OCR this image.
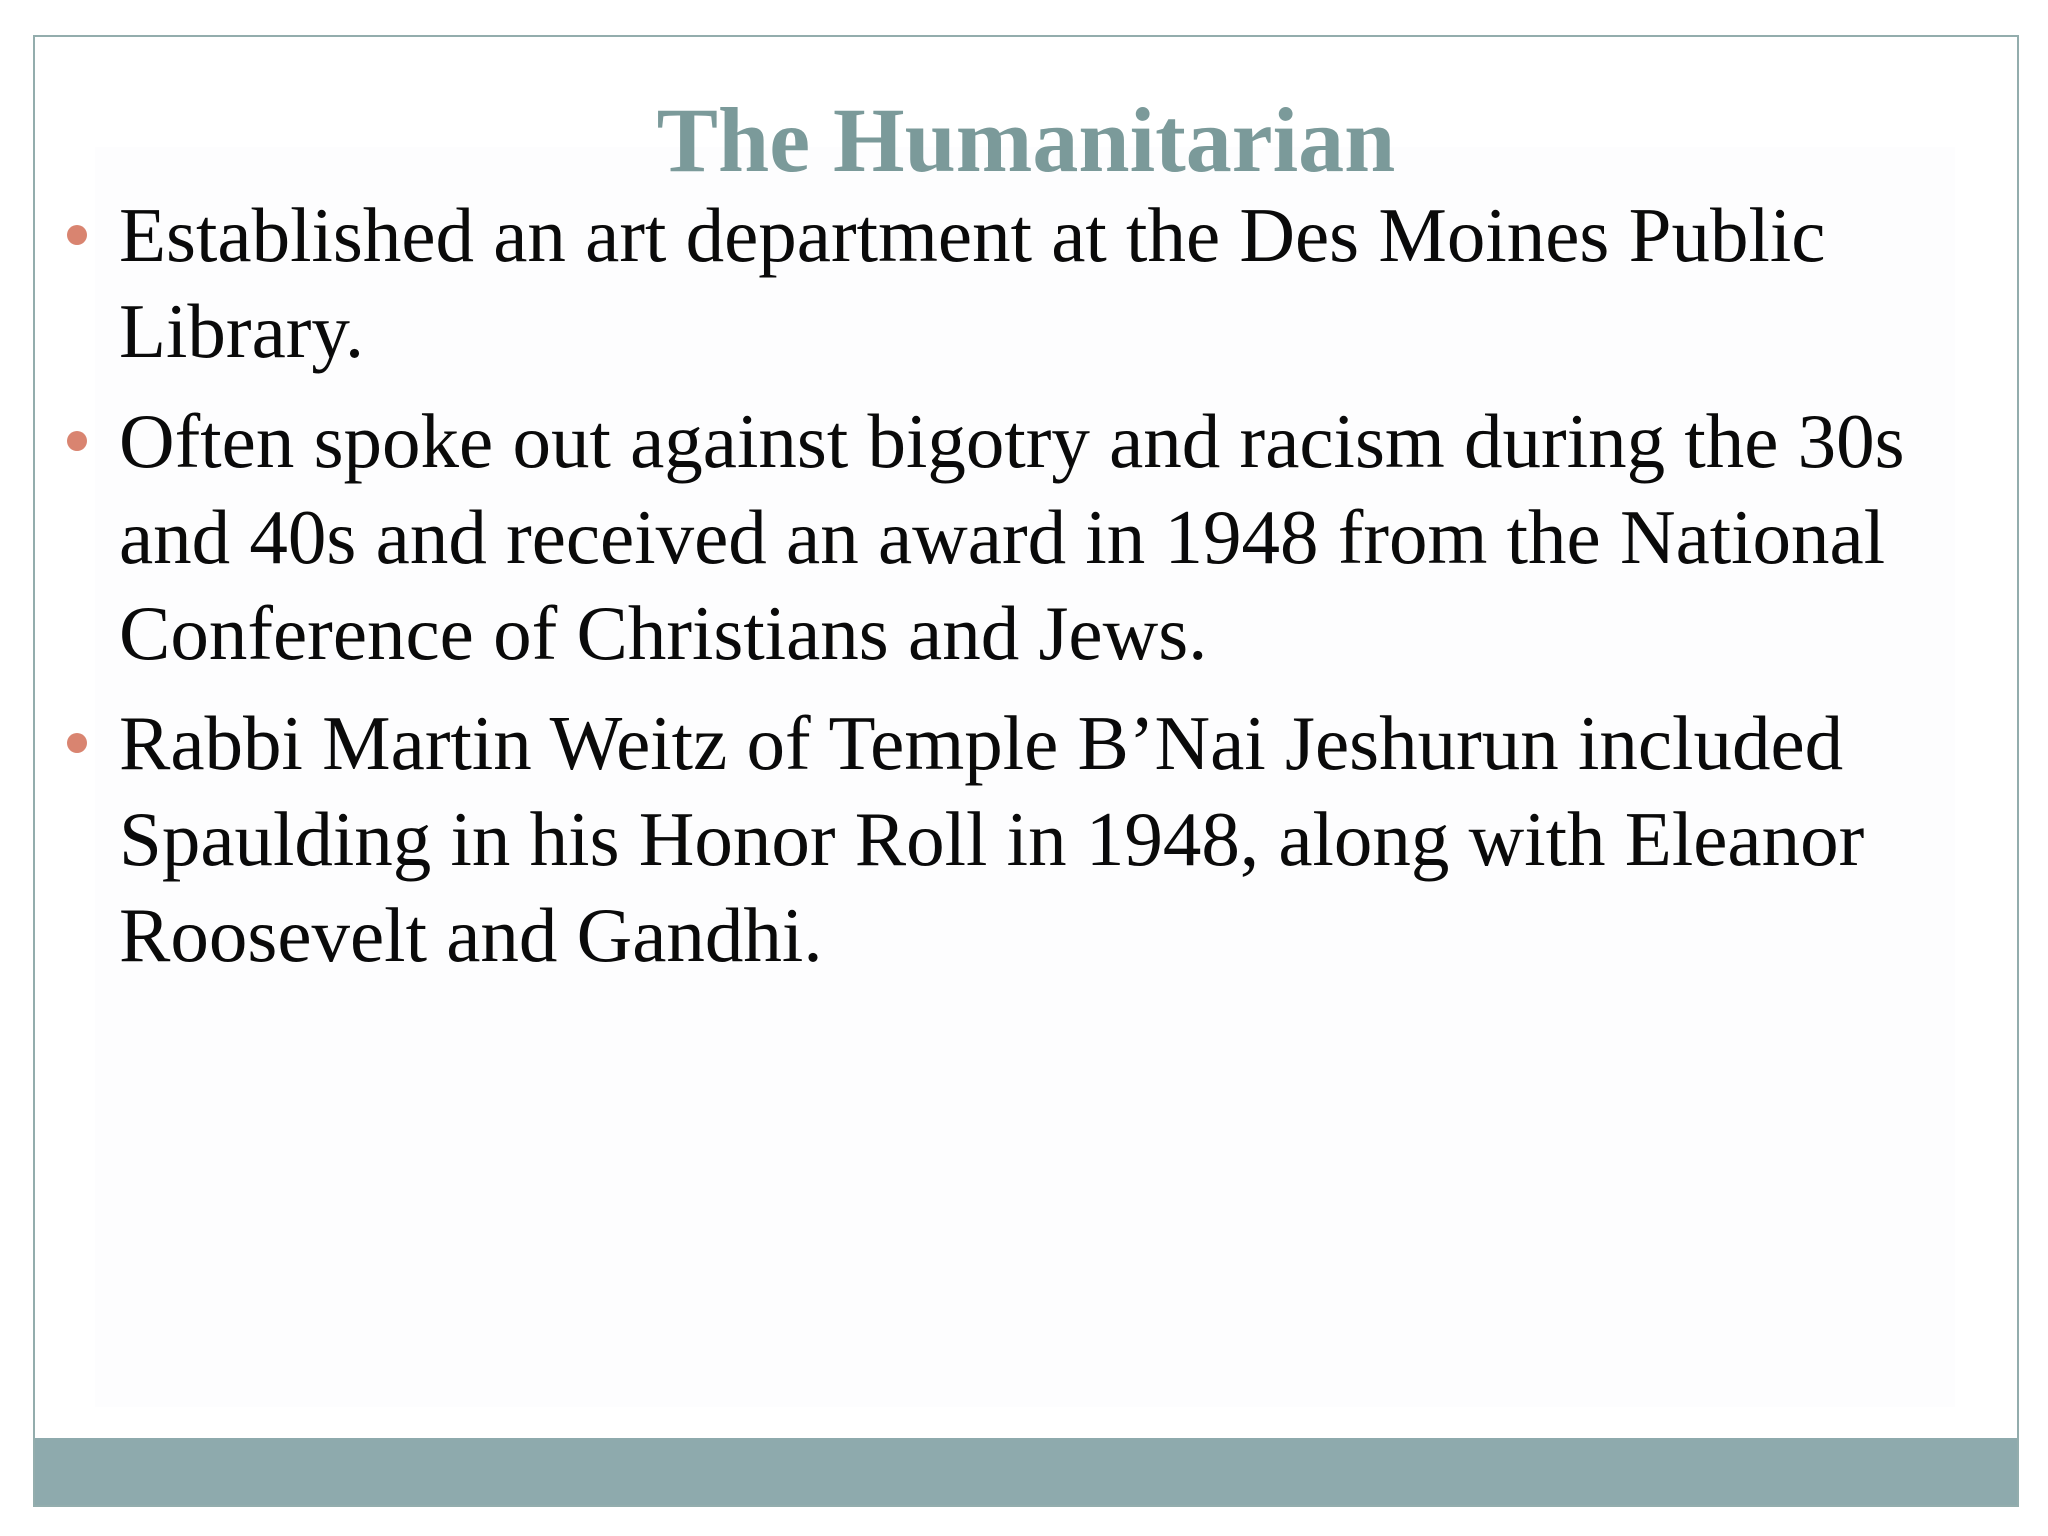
The Humanitarian
Established an art department at the Des Moines Public Library.
Often spoke out against bigotry and racism during the 30s and 40s and received an award in 1948 from the National Conference of Christians and Jews.
Rabbi Martin Weitz of Temple B’Nai Jeshurun included Spaulding in his Honor Roll in 1948, along with Eleanor Roosevelt and Gandhi.
